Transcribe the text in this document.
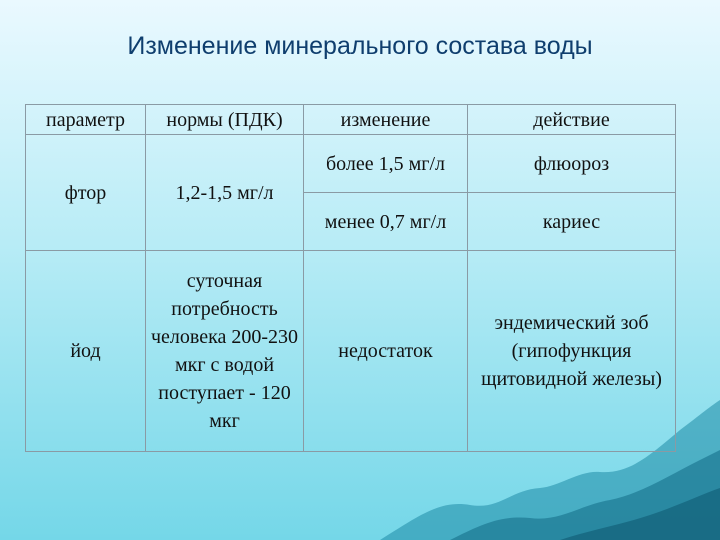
Изменение минерального состава воды
параметр	нормы (ПДК)	изменение	действие
фтор	1,2-1,5 мг/л	более 1,5 мг/л	флюороз
		менее 0,7 мг/л	кариес
йод	суточная потребность человека 200-230 мкг с водой поступает - 120 мкг	недостаток	эндемический зоб (гипофункция щитовидной железы)
